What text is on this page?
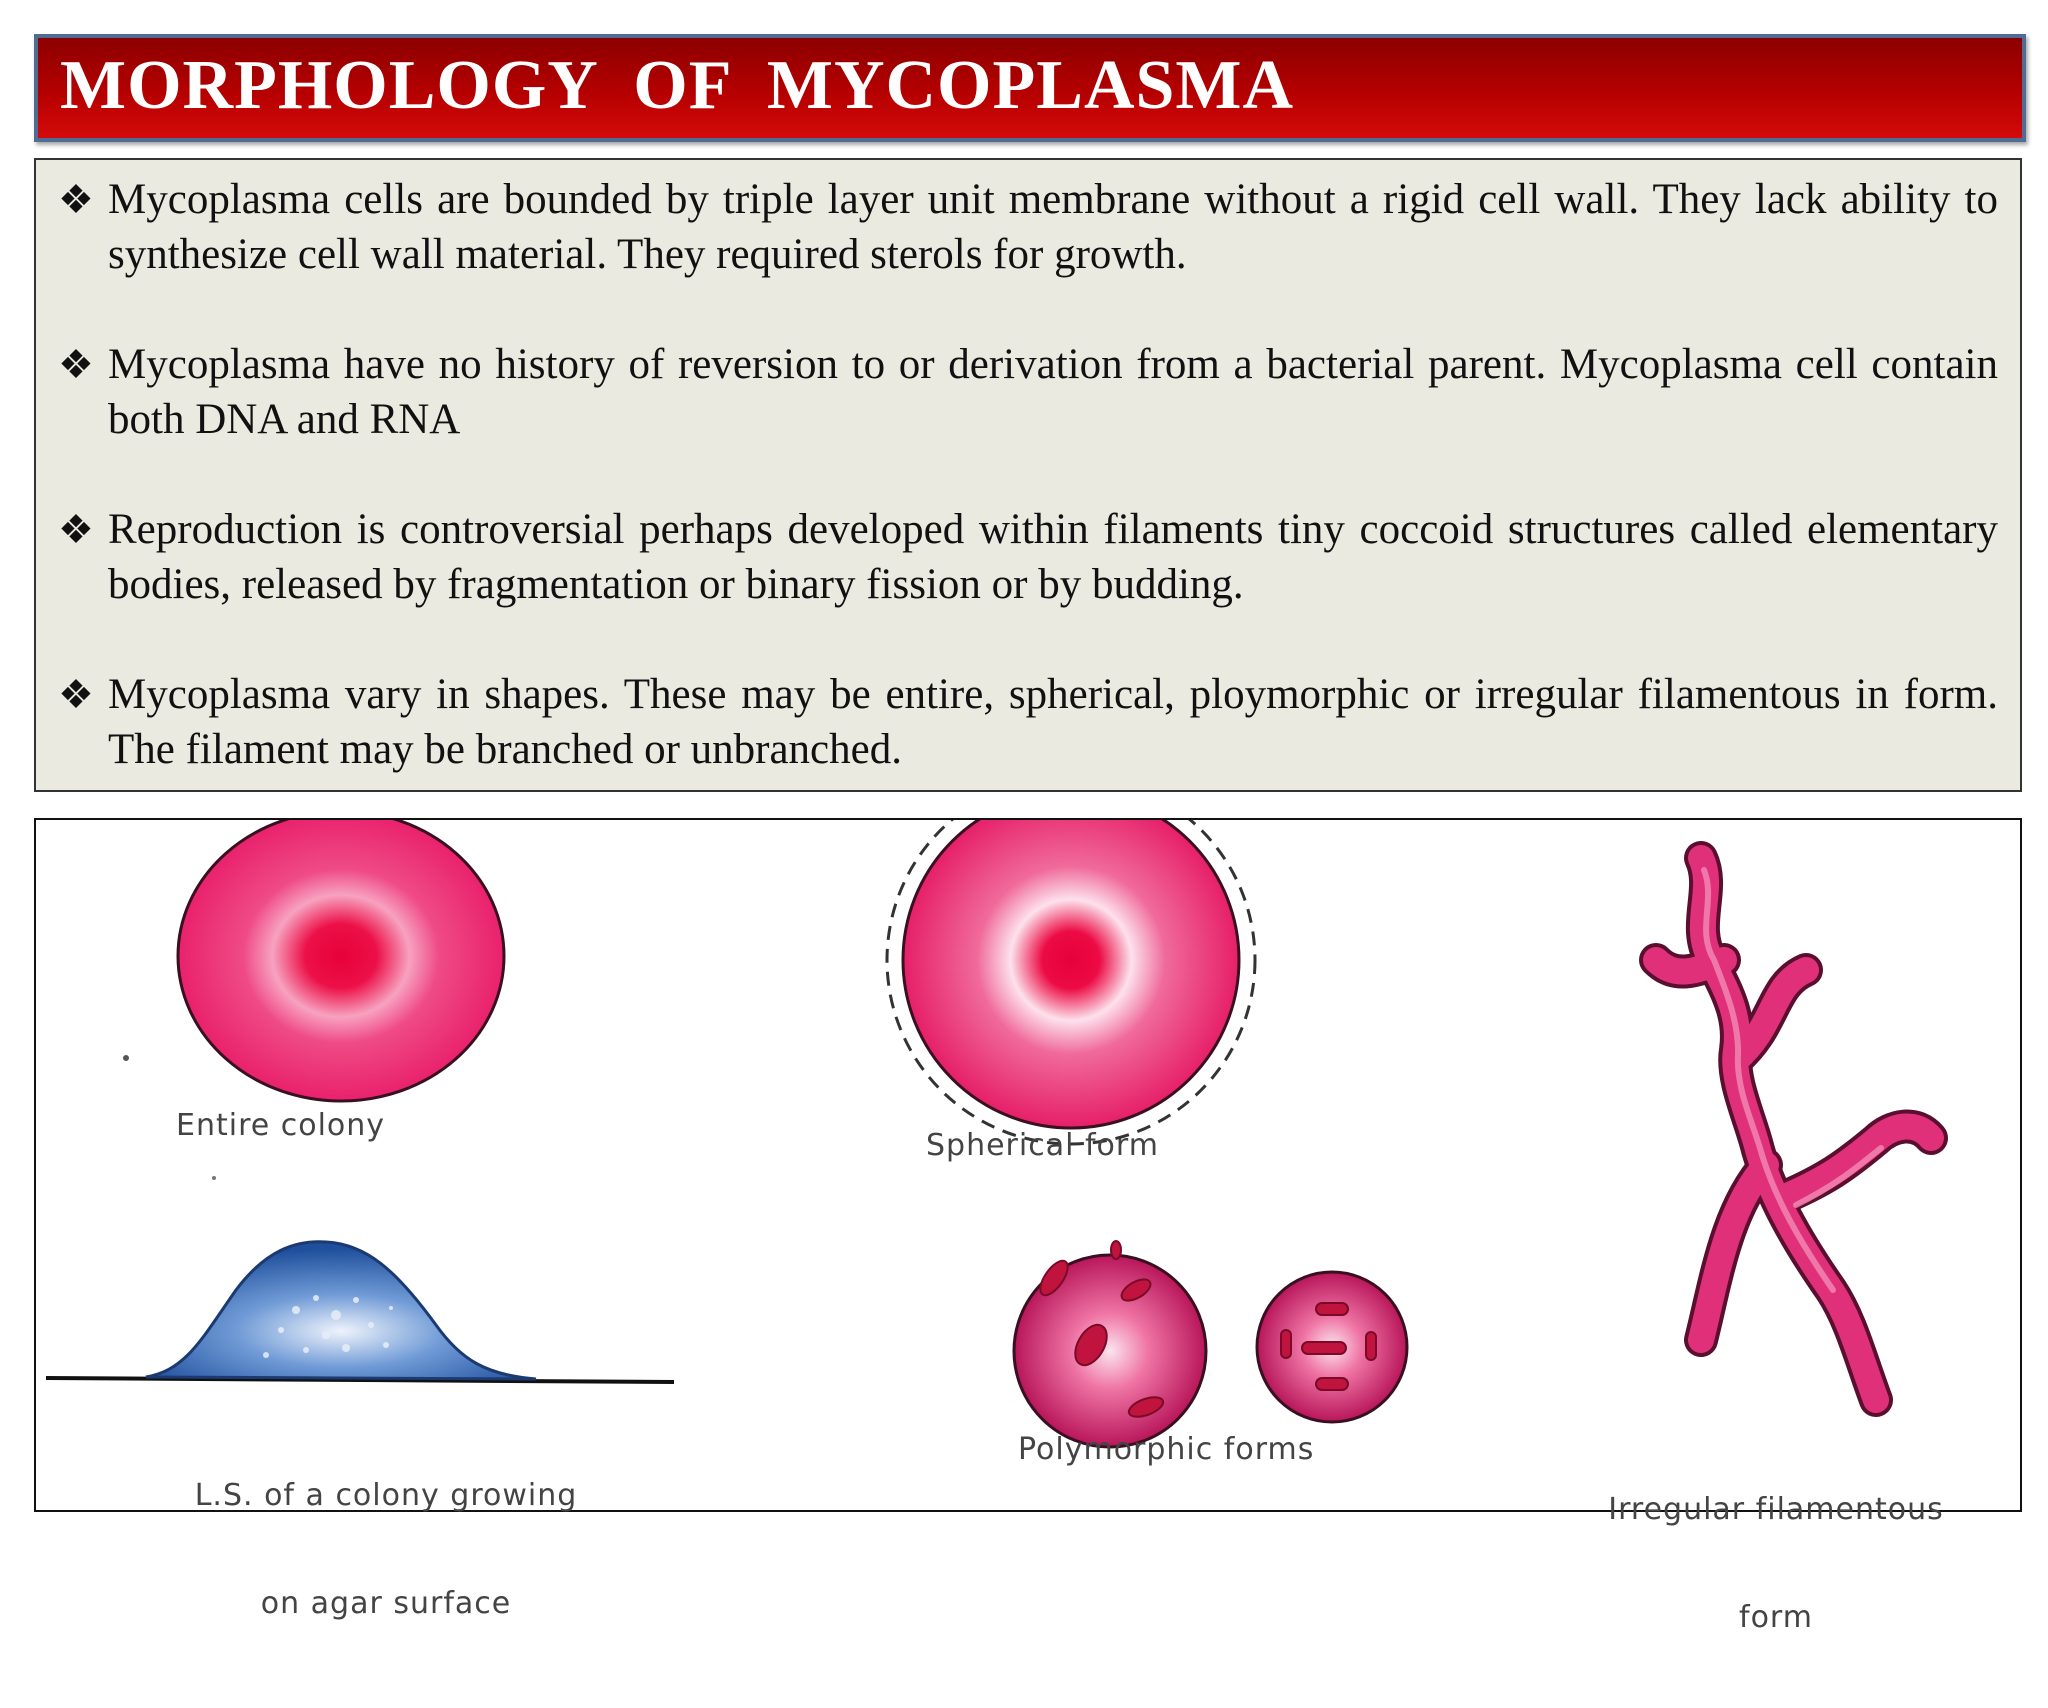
MORPHOLOGY  OF  MYCOPLASMA
❖ Mycoplasma cells are bounded by triple layer unit membrane without a rigid cell wall. They lack ability to synthesize cell wall material. They required sterols for growth.
❖ Mycoplasma have no history of reversion to or derivation from a bacterial parent. Mycoplasma cell contain both DNA and RNA
❖ Reproduction is controversial perhaps developed within filaments tiny coccoid structures called elementary bodies, released by fragmentation or binary fission or by budding.
❖ Mycoplasma vary in shapes. These may be entire, spherical, ploymorphic or irregular filamentous in form. The filament may be branched or unbranched.
Entire colony
Spherical form

L.S. of a colony growing

on agar surface

Polymorphic forms

Irregular filamentous

form
